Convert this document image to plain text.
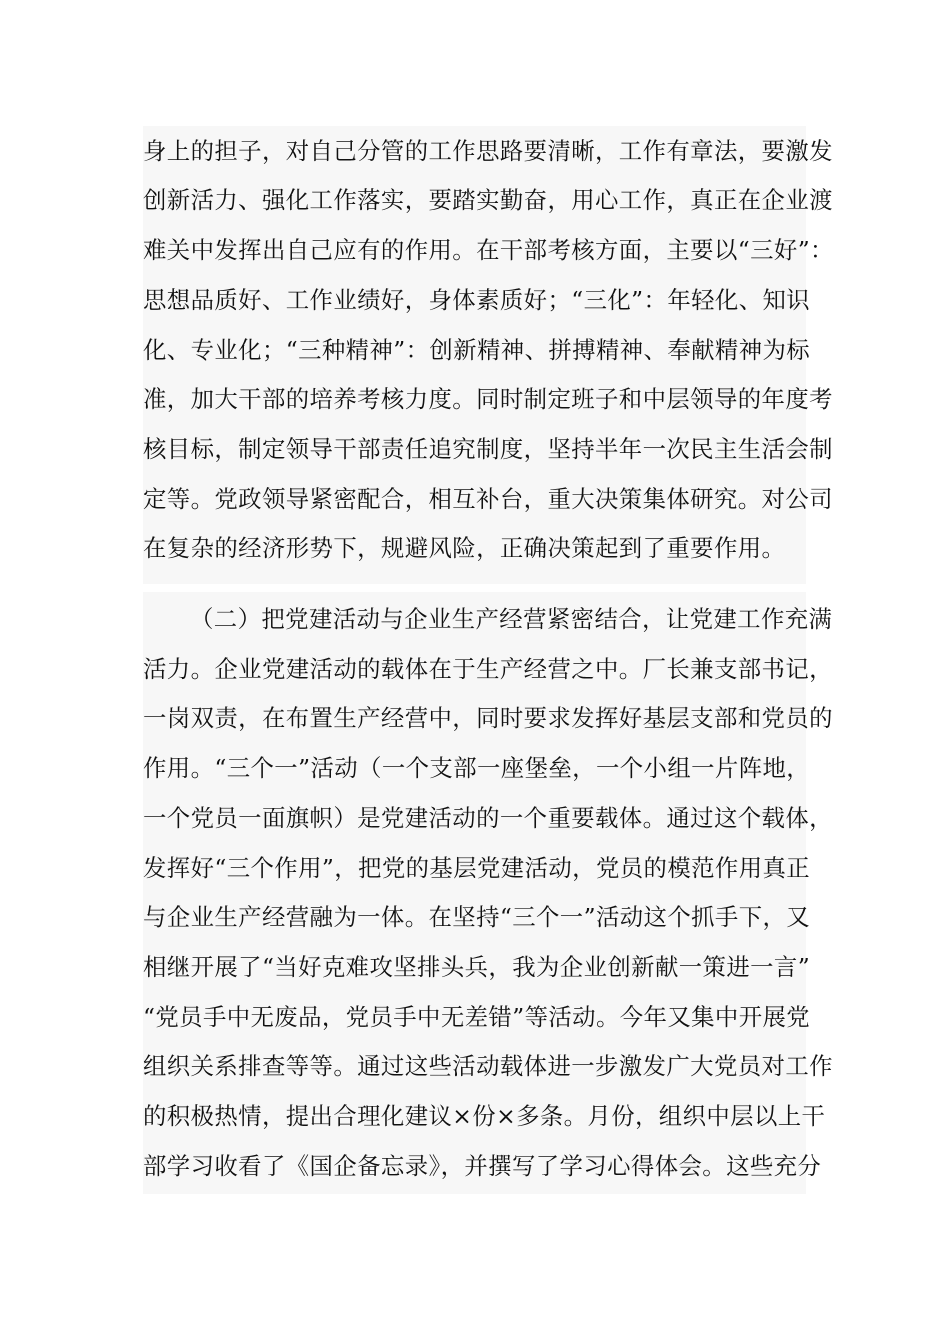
身上的担子，对自己分管的工作思路要清晰，工作有章法，要激发
创新活力、强化工作落实，要踏实勤奋，用心工作，真正在企业渡
难关中发挥出自己应有的作用。在干部考核方面，主要以“三好”：
思想品质好、工作业绩好，身体素质好；“三化”：年轻化、知识
化、专业化；“三种精神”：创新精神、拼搏精神、奉献精神为标
准，加大干部的培养考核力度。同时制定班子和中层领导的年度考
核目标，制定领导干部责任追究制度，坚持半年一次民主生活会制
定等。党政领导紧密配合，相互补台，重大决策集体研究。对公司
在复杂的经济形势下，规避风险，正确决策起到了重要作用。
（二）把党建活动与企业生产经营紧密结合，让党建工作充满
活力。企业党建活动的载体在于生产经营之中。厂长兼支部书记，
一岗双责，在布置生产经营中，同时要求发挥好基层支部和党员的
作用。“三个一”活动（一个支部一座堡垒，一个小组一片阵地，
一个党员一面旗帜）是党建活动的一个重要载体。通过这个载体，
发挥好“三个作用”，把党的基层党建活动，党员的模范作用真正
与企业生产经营融为一体。在坚持“三个一”活动这个抓手下，又
相继开展了“当好克难攻坚排头兵，我为企业创新献一策进一言”
“党员手中无废品，党员手中无差错”等活动。今年又集中开展党
组织关系排查等等。通过这些活动载体进一步激发广大党员对工作
的积极热情，提出合理化建议×份×多条。月份，组织中层以上干
部学习收看了《国企备忘录》，并撰写了学习心得体会。这些充分
